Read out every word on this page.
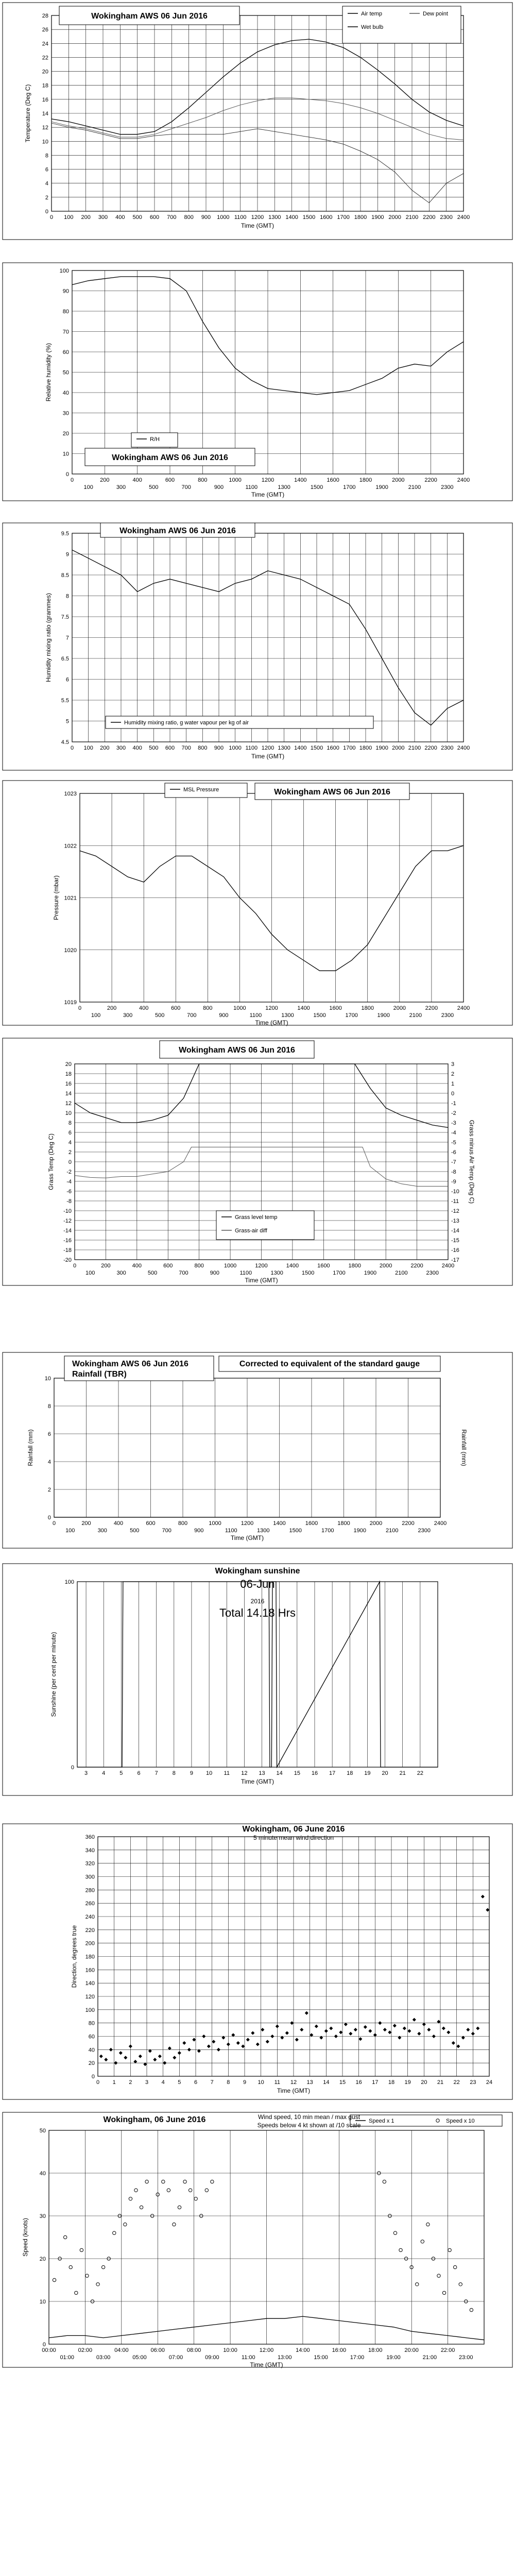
0
2
4
6
8
10
12
14
16
18
20
22
24
26
28
0 100 200 300 400 500 600 700 800 900 1000 1100 1200 1300 1400 1500 1600 1700 1800 1900 2000 2100 2200 2300 2400
Time (GMT)
Temperature (Deg C)
Wokingham AWS 06 Jun 2016	Air temp	Dew point
Wet bulb
0
10
20
30
40
50
60
70
80
90
100
0	200	400	600	800	1000	1200	1400	1600	1800	2000	2200	2400
100	300	500	700	900	1100	1300	1500	1700	1900	2100	2300
Time (GMT)
Relative humidity (%)
Wokingham AWS 06 Jun 2016
R/H
4.5
5
5.5
6
6.5
7
7.5
8
8.5
9
9.5
0 100 200 300 400 500 600 700 800 900 1000 1100 1200 1300 1400 1500 1600 1700 1800 1900 2000 2100 2200 2300 2400
Time (GMT)
Humidity mixing ratio (grammes)
Wokingham AWS 06 Jun 2016
Humidity mixing ratio, g water vapour per kg of air
1019
1020
1021
1022
1023
0	200	400	600	800	1000	1200	1400	1600	1800	2000	2200	2400
100	300	500	700	900	1100	1300	1500	1700	1900	2100	2300
Time (GMT)
Pressure (mbar)
Wokingham AWS 06 Jun 2016
MSL Pressure
-20
-18
-16
-14
-12
-10
-8
-6
-4
-2
0
2
4
6
8
10
12
14
16
18
20
-17
-16
-15
-14
-13
-12
-11
-10
-9
-8
-7
-6
-5
-4
-3
-2
-1
0
1
2
3
0	200	400	600	800	1000	1200	1400	1600	1800	2000	2200	2400
100	300	500	700	900	1100	1300	1500	1700	1900	2100	2300
Time (GMT)
Grass Temp (Deg C)	Grass minus Air Temp (Deg C)
Wokingham AWS 06 Jun 2016
Grass level temp
Grass-air diff
0
2
4
6
8
10
0	200	400	600	800	1000	1200	1400	1600	1800	2000	2200	2400
100	300	500	700	900	1100	1300	1500	1700	1900	2100	2300
Time (GMT)
Rainfall (mm)	Rainfall (mm)
Wokingham AWS 06 Jun 2016
Rainfall (TBR)
Corrected to equivalent of the standard gauge
0
100
3	4	5	6	7	8	9 10 11 12 13 14 15 16 17 18 19 20 21 22
Time (GMT)
Sunshine (per cent per minute)
Wokingham sunshine
06-Jun
2016
Total 14.18 Hrs
0
20
40
60
80
100
120
140
160
180
200
220
240
260
280
300
320
340
360
0 1 2 3 4 5 6 7 8 9 10 11 12 13 14 15 16 17 18 19 20 21 22 23 24
Time (GMT)
Direction, degrees true
Wokingham, 06 June 2016
5 minute mean wind direction
0
10
20
30
40
50
00:00	02:00	04:00	06:00	08:00	10:00	12:00	14:00	16:00	18:00	20:00	22:00
01:00	03:00	05:00	07:00	09:00	11:00	13:00	15:00	17:00	19:00	21:00	23:00
Time (GMT)
Speed (knots)
Speed x 1	Speed x 10
Wokingham, 06 June 2016	Wind speed, 10 min mean / max gust
Speeds below 4 kt shown at /10 scale
